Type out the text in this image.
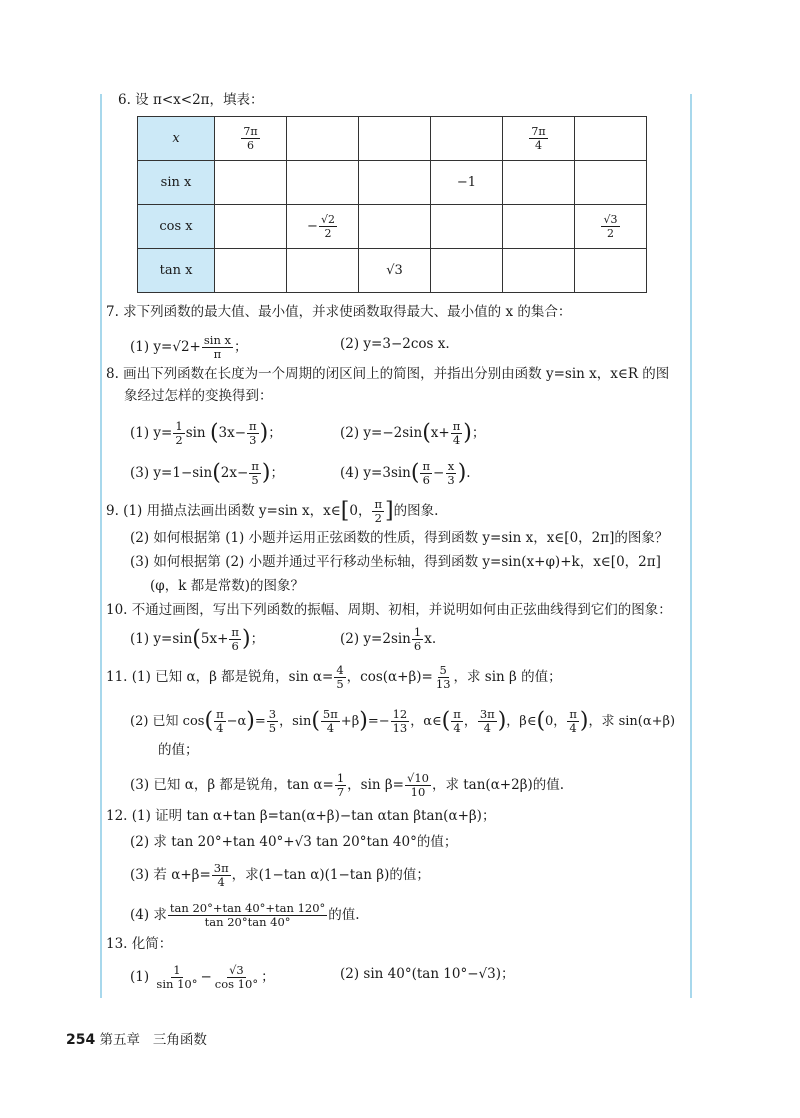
6. 设 π<x<2π，填表：
x	$\frac{7\pi}{6}$				$\frac{7\pi}{4}$

sin x				−1		
cos x		− $\frac{√2}{2}$				$\frac{√3}{2}$

tan x			√3			
7. 求下列函数的最大值、最小值，并求使函数取得最大、最小值的 x 的集合：
(1) $y=√2+ \frac{\text{sin x}}{\pi}$ ；	(2) y=3−2cos x.
8. 画出下列函数在长度为一个周期的闭区间上的简图，并指出分别由函数 y=sin x，x∈R 的图
象经过怎样的变换得到：
(1) $y= \frac{1}{2}$ $\sin (3x- \frac{\pi}{3}$ )；	(2) $y=-2\sin(x+ \frac{\pi}{4}$ )；
(3) $y=1-\sin(2x- \frac{\pi}{5}$ )；	(4) $y=3\sin( \frac{\pi}{6} - \frac{x}{3}$ ).
9. (1) 用描点法画出函数 y=sin x，x∈[0， $\frac{\pi}{2}$ ]的图象.
(2) 如何根据第 (1) 小题并运用正弦函数的性质，得到函数 y=sin x，x∈[0，2π]的图象？
(3) 如何根据第 (2) 小题并通过平行移动坐标轴，得到函数 y=sin(x+φ)+k，x∈[0，2π]
(φ，k 都是常数)的图象？
10. 不通过画图，写出下列函数的振幅、周期、初相，并说明如何由正弦曲线得到它们的图象：
(1) $y=\sin(5x+ \frac{\pi}{6}$ )；	(2) $y=2\sin \frac{1}{6} x$.
11. (1) 已知 α，β 都是锐角，$\sin \alpha= \frac{4}{5}$ ，$\cos(\alpha+\beta)= \frac{5}{13}$ ，求 sin β 的值；
(2) 已知 $\cos( \frac{\pi}{4} -\alpha)= \frac{3}{5}$ ，$\sin( \frac{5\pi}{4} +\beta)=- \frac{12}{13}$ ，α∈( $\frac{\pi}{4}$ ， $\frac{3\pi}{4}$ )，β∈(0， $\frac{\pi}{4}$ )，求 sin(α+β)
的值；
(3) 已知 α，β 都是锐角，$\tan \alpha= \frac{1}{7}$ ，$\sin \beta= \frac{√10}{10}$ ，求 tan(α+2β)的值.
12. (1) 证明 tan α+tan β=tan(α+β)−tan αtan βtan(α+β)；
(2) 求 tan 20°+tan 40°+√3 tan 20°tan 40°的值；
(3) 若 $\alpha+\beta= \frac{3\pi}{4}$ ，求(1−tan α)(1−tan β)的值；
(4) 求 $\frac{\tan 20^\circ+\tan 40^\circ+\tan 120^\circ}{\tan 20^\circ\tan 40^\circ}$ 的值.
13. 化简：
$(1) \frac{1}{\sin 10^\circ} - \frac{√3}{\cos 10^\circ}$ ；	(2) sin 40°(tan 10°−√3)；
254 第五章 三角函数
